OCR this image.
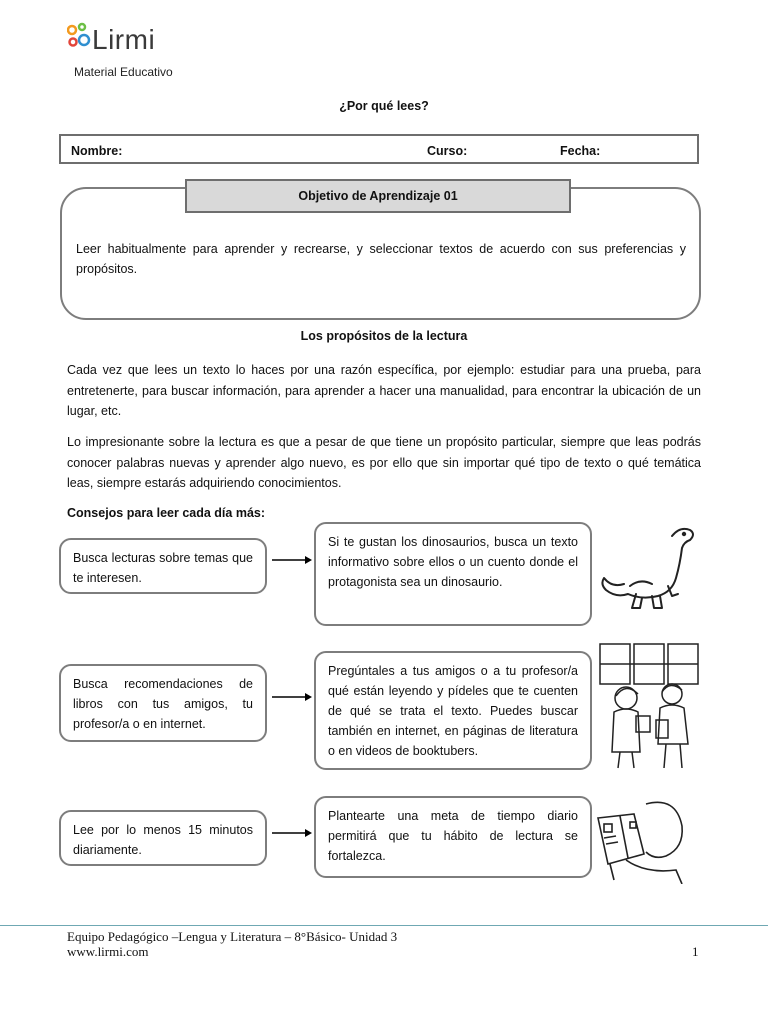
Lirmi
Material Educativo
¿Por qué lees?
Nombre:	Curso:	Fecha:
Objetivo de Aprendizaje 01
Leer habitualmente para aprender y recrearse, y seleccionar textos de acuerdo con sus preferencias y propósitos.
Los propósitos de la lectura
Cada vez que lees un texto lo haces por una razón específica, por ejemplo: estudiar para una prueba, para entretenerte, para buscar información, para aprender a hacer una manualidad, para encontrar la ubicación de un lugar, etc.
Lo impresionante sobre la lectura es que a pesar de que tiene un propósito particular, siempre que leas podrás conocer palabras nuevas y aprender algo nuevo, es por ello que sin importar qué tipo de texto o qué temática leas, siempre estarás adquiriendo conocimientos.
Consejos para leer cada día más:
Busca lecturas sobre temas que te interesen.
Si te gustan los dinosaurios, busca un texto informativo sobre ellos o un cuento donde el protagonista sea un dinosaurio.
Busca recomendaciones de libros con tus amigos, tu profesor/a o en internet.
Pregúntales a tus amigos o a tu profesor/a qué están leyendo y pídeles que te cuenten de qué se trata el texto. Puedes buscar también en internet, en páginas de literatura o en videos de booktubers.
Lee por lo menos 15 minutos diariamente.
Plantearte una meta de tiempo diario permitirá que tu hábito de lectura se fortalezca.
Equipo Pedagógico –Lengua y Literatura – 8°Básico- Unidad 3
www.lirmi.com	1
